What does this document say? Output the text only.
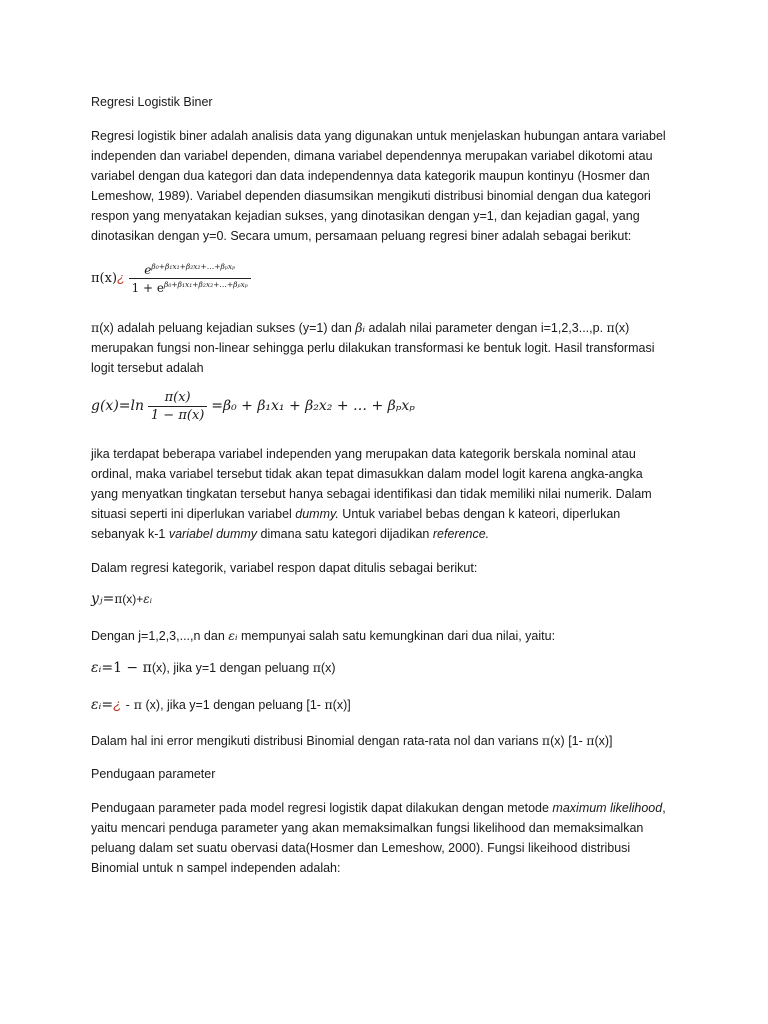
Regresi Logistik Biner
Regresi logistik biner adalah analisis data yang digunakan untuk menjelaskan hubungan antara variabel
independen dan variabel dependen, dimana variabel dependennya merupakan variabel dikotomi atau
variabel dengan dua kategori dan data independennya data kategorik maupun kontinyu (Hosmer dan
Lemeshow, 1989). Variabel dependen diasumsikan mengikuti distribusi binomial dengan dua kategori
respon yang menyatakan kejadian sukses, yang dinotasikan dengan y=1, dan kejadian gagal, yang
dinotasikan dengan y=0. Secara umum, persamaan peluang regresi biner adalah sebagai berikut:
π(x)¿ $\frac{e^{\beta_0+\beta_1x_1+\beta_2x_2+\dots+\beta_px_p}}{1 + e^{\beta_0+\beta_1x_1+\beta_2x_2+\dots+\beta_px_p}}$
π(x) adalah peluang kejadian sukses (y=1) dan βᵢ adalah nilai parameter dengan i=1,2,3...,p. π(x)
merupakan fungsi non-linear sehingga perlu dilakukan transformasi ke bentuk logit. Hasil transformasi
logit tersebut adalah
$g(x)=\ln \frac{\pi(x)}{1 - \pi(x)} =\beta_0 + \beta_1x_1 + \beta_2x_2$ + … + βₚxₚ
jika terdapat beberapa variabel independen yang merupakan data kategorik berskala nominal atau
ordinal, maka variabel tersebut tidak akan tepat dimasukkan dalam model logit karena angka-angka
yang menyatkan tingkatan tersebut hanya sebagai identifikasi dan tidak memiliki nilai numerik. Dalam
situasi seperti ini diperlukan variabel dummy. Untuk variabel bebas dengan k kateori, diperlukan
sebanyak k-1 variabel dummy dimana satu kategori dijadikan reference.
Dalam regresi kategorik, variabel respon dapat ditulis sebagai berikut:
yⱼ=π(x)+εᵢ
Dengan j=1,2,3,...,n dan εᵢ mempunyai salah satu kemungkinan dari dua nilai, yaitu:
εᵢ=1 − π(x), jika y=1 dengan peluang π(x)
εᵢ=¿ - π (x), jika y=1 dengan peluang [1- π(x)]
Dalam hal ini error mengikuti distribusi Binomial dengan rata-rata nol dan varians π(x) [1- π(x)]
Pendugaan parameter
Pendugaan parameter pada model regresi logistik dapat dilakukan dengan metode maximum likelihood,
yaitu mencari penduga parameter yang akan memaksimalkan fungsi likelihood dan memaksimalkan
peluang dalam set suatu obervasi data(Hosmer dan Lemeshow, 2000). Fungsi likeihood distribusi
Binomial untuk n sampel independen adalah:
